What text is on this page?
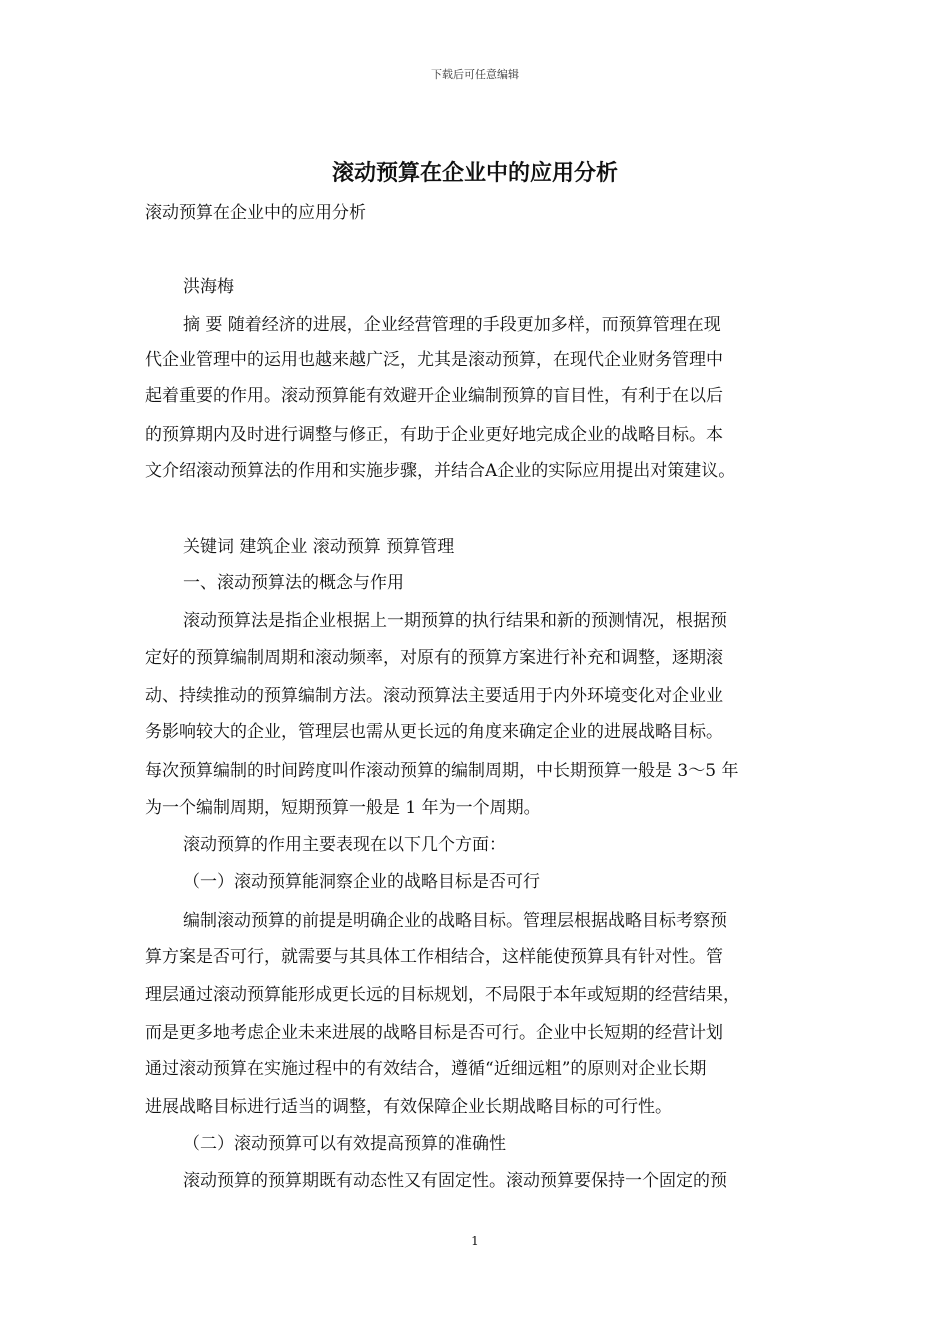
下载后可任意编辑
滚动预算在企业中的应用分析
滚动预算在企业中的应用分析
洪海梅
摘 要 随着经济的进展，企业经营管理的手段更加多样，而预算管理在现
代企业管理中的运用也越来越广泛，尤其是滚动预算，在现代企业财务管理中
起着重要的作用。滚动预算能有效避开企业编制预算的盲目性，有利于在以后
的预算期内及时进行调整与修正，有助于企业更好地完成企业的战略目标。本
文介绍滚动预算法的作用和实施步骤，并结合A企业的实际应用提出对策建议。
关键词 建筑企业 滚动预算 预算管理
一、滚动预算法的概念与作用
滚动预算法是指企业根据上一期预算的执行结果和新的预测情况，根据预
定好的预算编制周期和滚动频率，对原有的预算方案进行补充和调整，逐期滚
动、持续推动的预算编制方法。滚动预算法主要适用于内外环境变化对企业业
务影响较大的企业，管理层也需从更长远的角度来确定企业的进展战略目标。
每次预算编制的时间跨度叫作滚动预算的编制周期，中长期预算一般是 3～5 年
为一个编制周期，短期预算一般是 1 年为一个周期。
滚动预算的作用主要表现在以下几个方面：
（一）滚动预算能洞察企业的战略目标是否可行
编制滚动预算的前提是明确企业的战略目标。管理层根据战略目标考察预
算方案是否可行，就需要与其具体工作相结合，这样能使预算具有针对性。管
理层通过滚动预算能形成更长远的目标规划，不局限于本年或短期的经营结果，
而是更多地考虑企业未来进展的战略目标是否可行。企业中长短期的经营计划
通过滚动预算在实施过程中的有效结合，遵循“近细远粗”的原则对企业长期
进展战略目标进行适当的调整，有效保障企业长期战略目标的可行性。
（二）滚动预算可以有效提高预算的准确性
滚动预算的预算期既有动态性又有固定性。滚动预算要保持一个固定的预
1
